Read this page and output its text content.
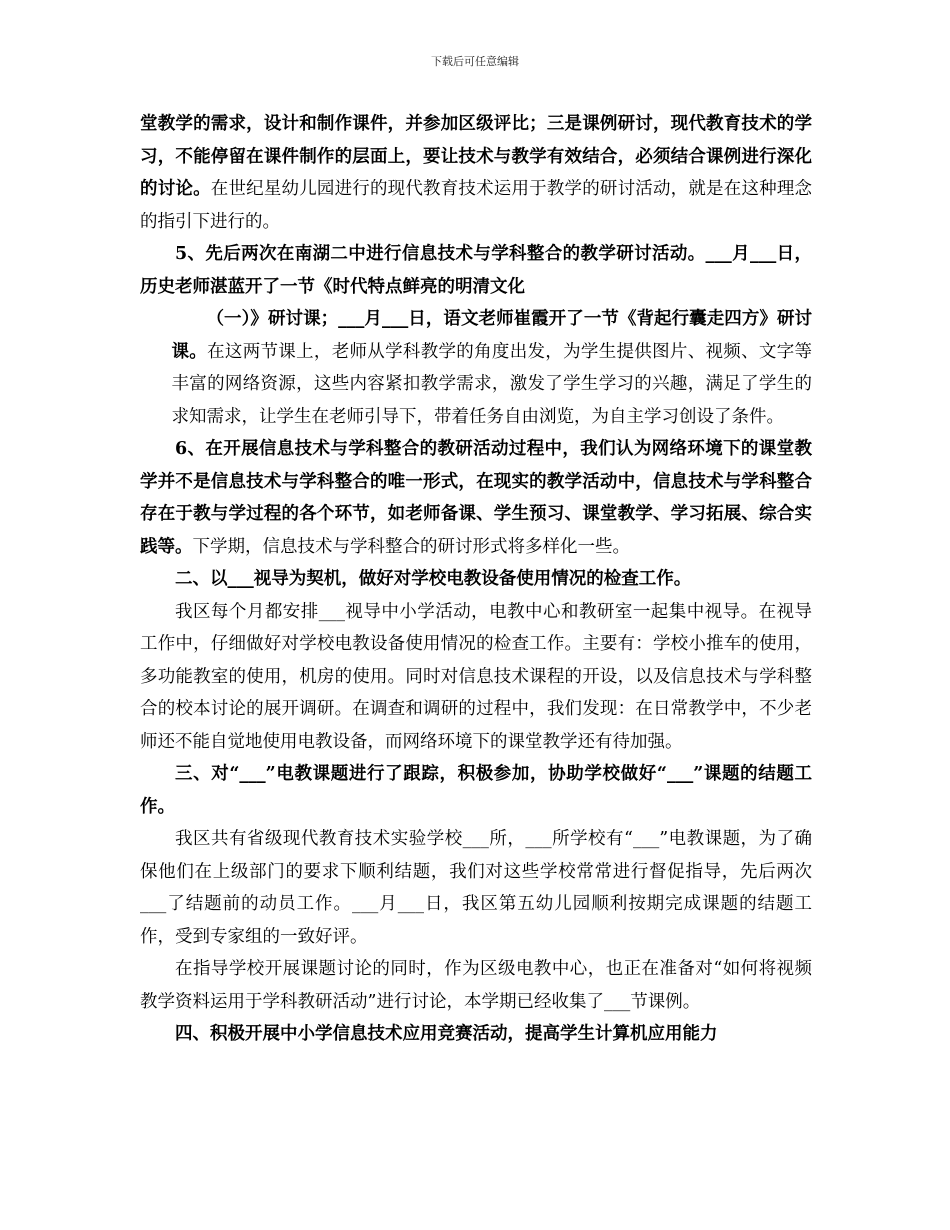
下载后可任意编辑

堂教学的需求，设计和制作课件，并参加区级评比；三是课例研讨，现代教育技术的学习，不能停留在课件制作的层面上，要让技术与教学有效结合，必须结合课例进行深化的讨论。在世纪星幼儿园进行的现代教育技术运用于教学的研讨活动，就是在这种理念的指引下进行的。

5、先后两次在南湖二中进行信息技术与学科整合的教学研讨活动。___月___日，历史老师湛蓝开了一节《时代特点鲜亮的明清文化

（一）》研讨课；___月___日，语文老师崔霞开了一节《背起行囊走四方》研讨课。在这两节课上，老师从学科教学的角度出发，为学生提供图片、视频、文字等丰富的网络资源，这些内容紧扣教学需求，激发了学生学习的兴趣，满足了学生的求知需求，让学生在老师引导下，带着任务自由浏览，为自主学习创设了条件。

6、在开展信息技术与学科整合的教研活动过程中，我们认为网络环境下的课堂教学并不是信息技术与学科整合的唯一形式，在现实的教学活动中，信息技术与学科整合存在于教与学过程的各个环节，如老师备课、学生预习、课堂教学、学习拓展、综合实践等。下学期，信息技术与学科整合的研讨形式将多样化一些。

二、以___视导为契机，做好对学校电教设备使用情况的检查工作。

我区每个月都安排___视导中小学活动，电教中心和教研室一起集中视导。在视导工作中，仔细做好对学校电教设备使用情况的检查工作。主要有：学校小推车的使用，多功能教室的使用，机房的使用。同时对信息技术课程的开设，以及信息技术与学科整合的校本讨论的展开调研。在调查和调研的过程中，我们发现：在日常教学中，不少老师还不能自觉地使用电教设备，而网络环境下的课堂教学还有待加强。

三、对“___”电教课题进行了跟踪，积极参加，协助学校做好“___”课题的结题工作。

我区共有省级现代教育技术实验学校___所，___所学校有“___”电教课题，为了确保他们在上级部门的要求下顺利结题，我们对这些学校常常进行督促指导，先后两次___了结题前的动员工作。___月___日，我区第五幼儿园顺利按期完成课题的结题工作，受到专家组的一致好评。

在指导学校开展课题讨论的同时，作为区级电教中心，也正在准备对“如何将视频教学资料运用于学科教研活动”进行讨论，本学期已经收集了___节课例。

四、积极开展中小学信息技术应用竞赛活动，提高学生计算机应用能力
